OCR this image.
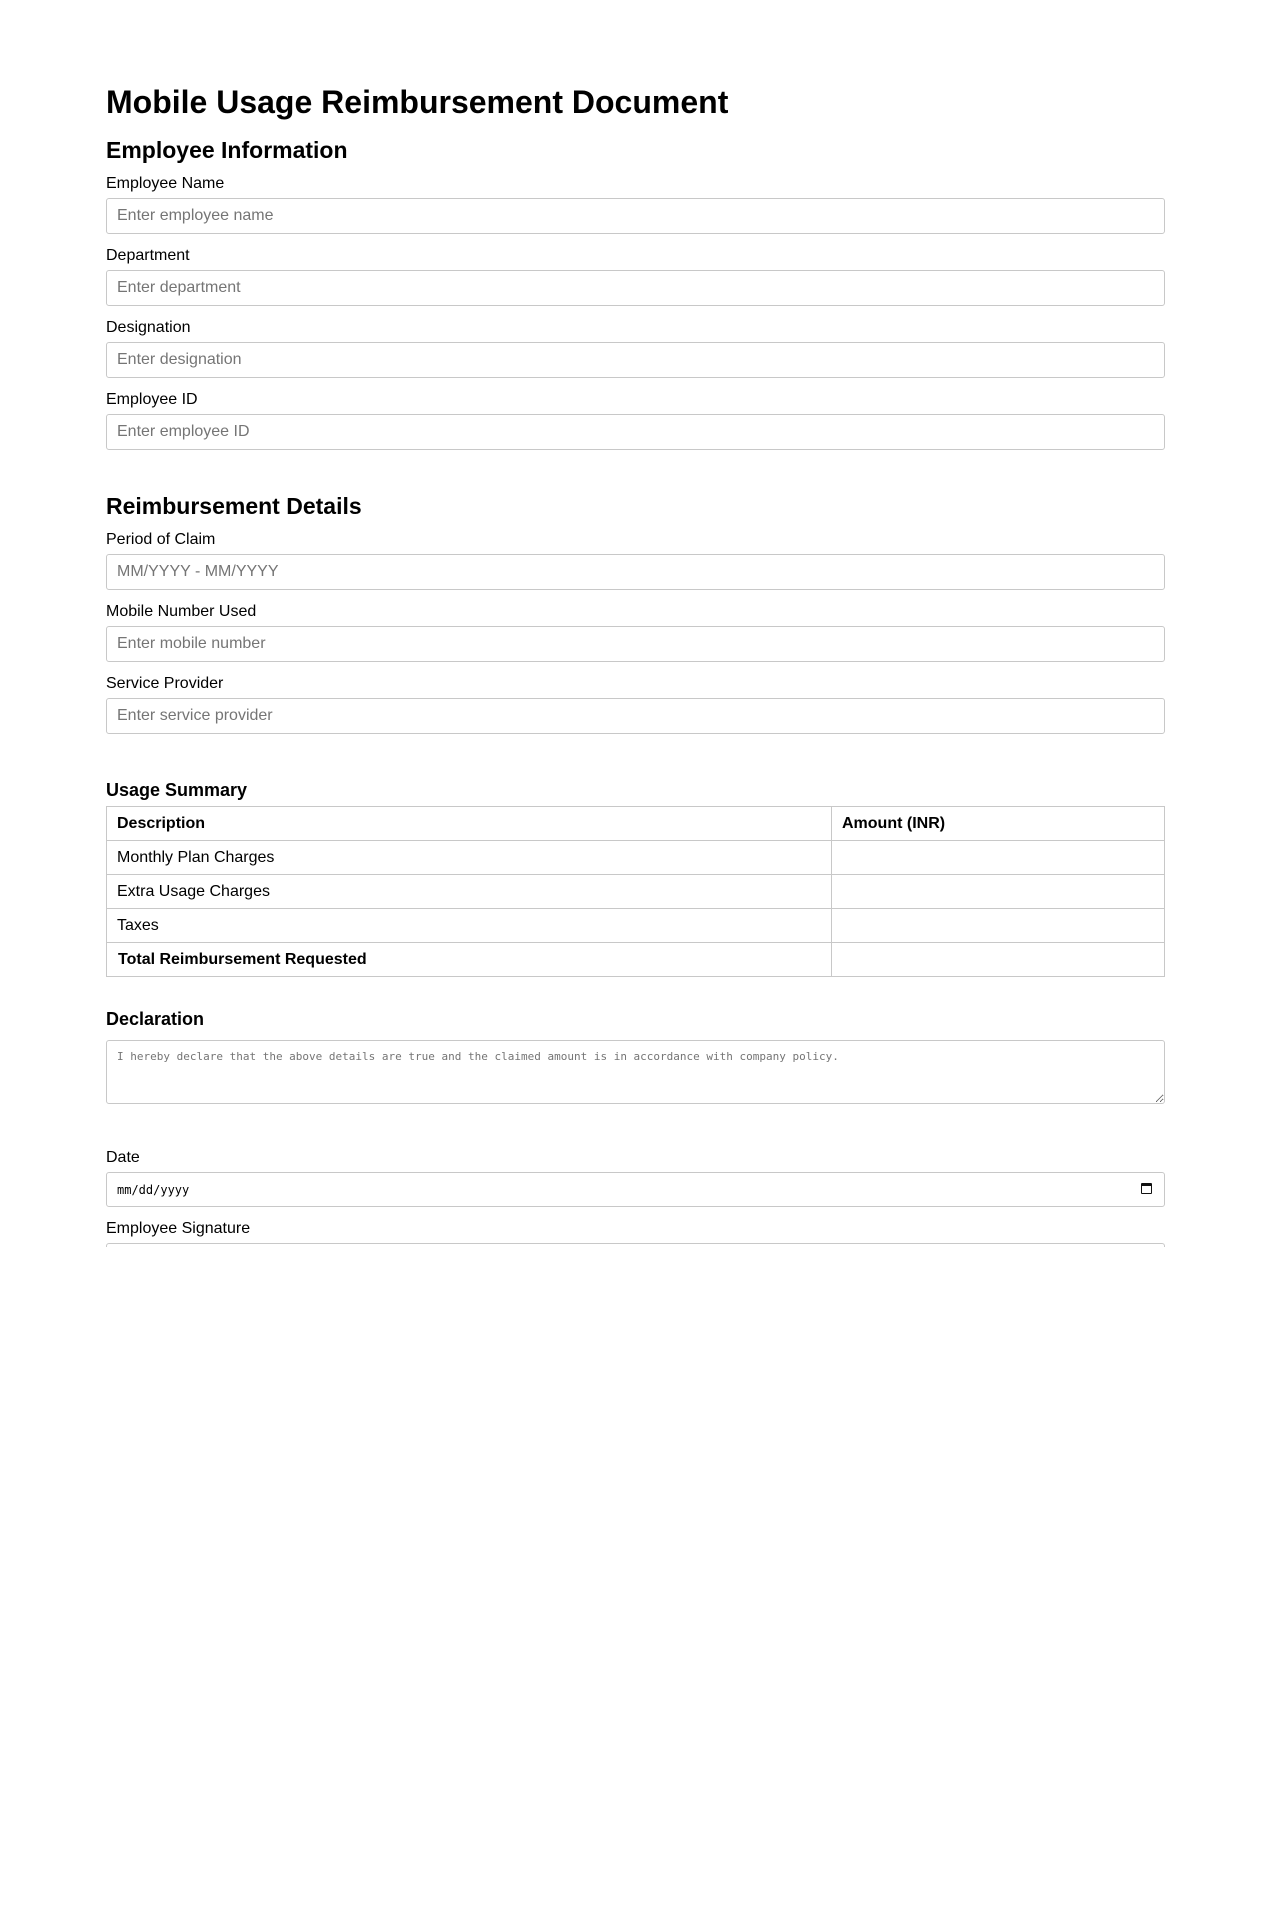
Mobile Usage Reimbursement Document
Employee Information
Employee Name
Enter employee name
Department
Enter department
Designation
Enter designation
Employee ID
Enter employee ID
Reimbursement Details
Period of Claim
MM/YYYY - MM/YYYY
Mobile Number Used
Enter mobile number
Service Provider
Enter service provider
Usage Summary
Description	Amount (INR)
Monthly Plan Charges	
Extra Usage Charges	
Taxes	
Total Reimbursement Requested	
Declaration
I hereby declare that the above details are true and the claimed amount is in accordance with company policy.
Date
mm/dd/yyyy
Employee Signature
